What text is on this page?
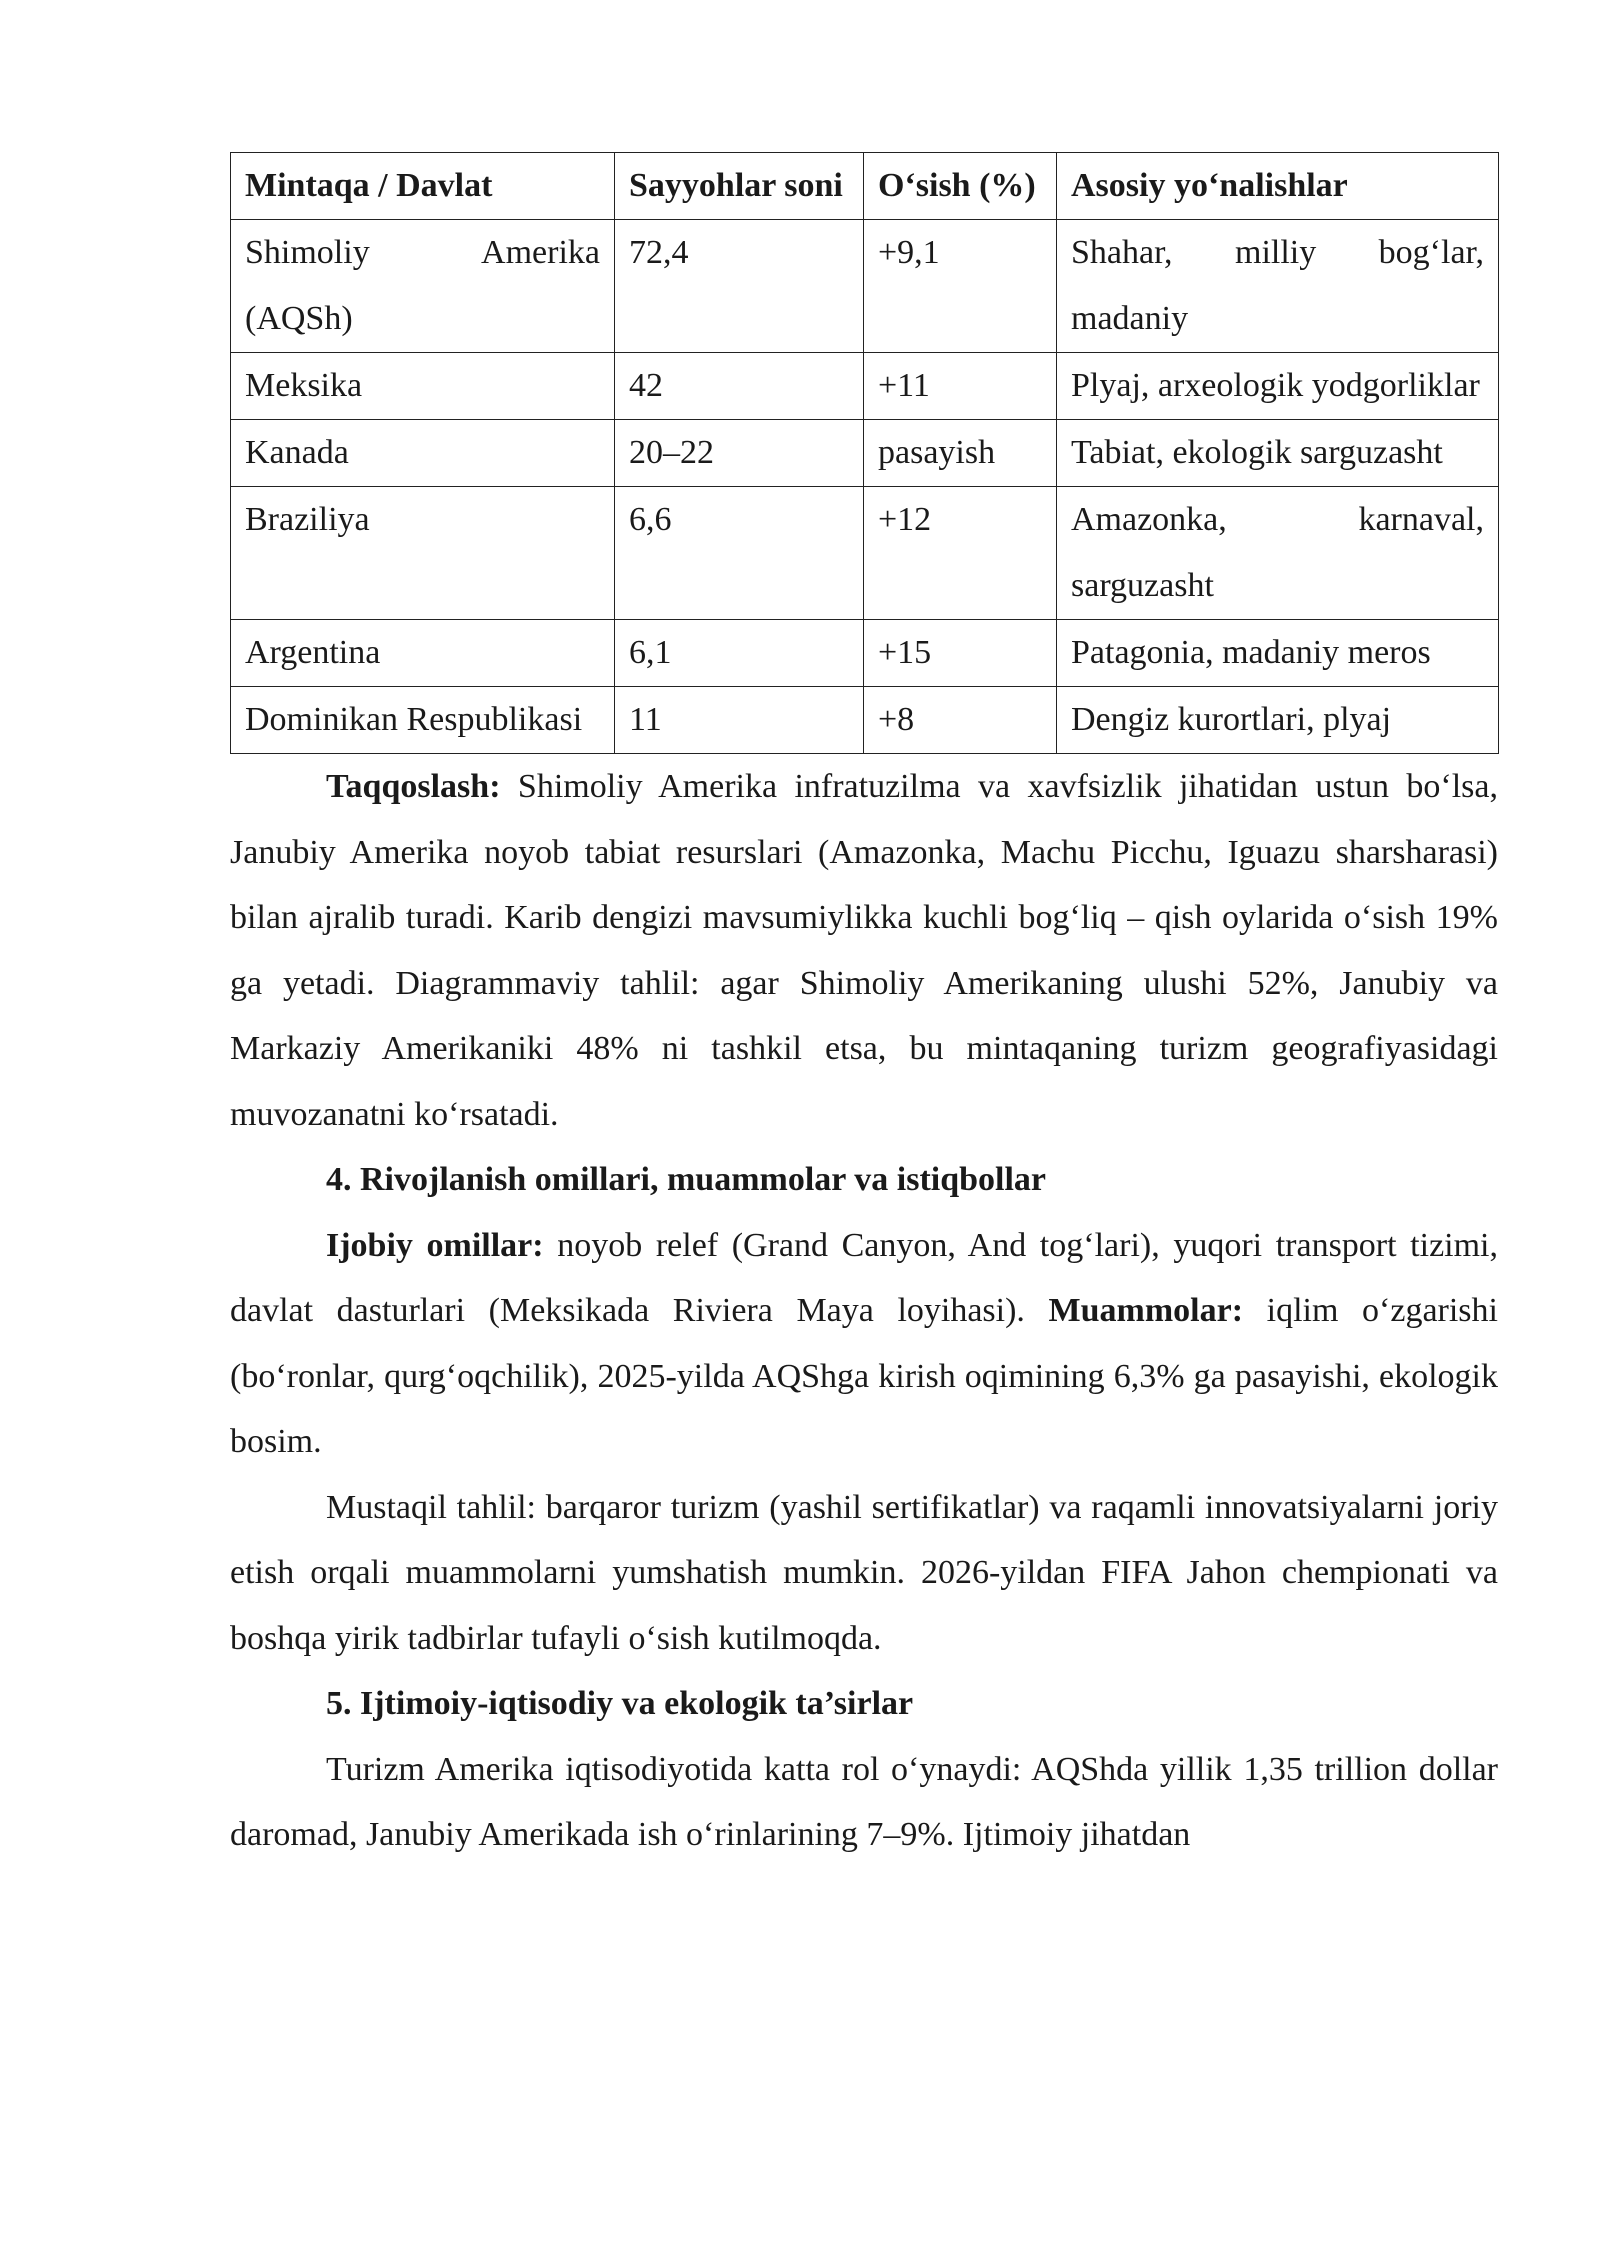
Mintaqa / Davlat	Sayyohlar soni	O‘sish (%)	Asosiy yo‘nalishlar
Shimoliy Amerika (AQSh)	72,4	+9,1	Shahar, milliy bog‘lar, madaniy
Meksika	42	+11	Plyaj, arxeologik yodgorliklar
Kanada	20–22	pasayish	Tabiat, ekologik sarguzasht
Braziliya	6,6	+12	Amazonka, karnaval, sarguzasht
Argentina	6,1	+15	Patagonia, madaniy meros
Dominikan Respublikasi	11	+8	Dengiz kurortlari, plyaj

Taqqoslash: Shimoliy Amerika infratuzilma va xavfsizlik jihatidan ustun bo‘lsa, Janubiy Amerika noyob tabiat resurslari (Amazonka, Machu Picchu, Iguazu sharsharasi) bilan ajralib turadi. Karib dengizi mavsumiylikka kuchli bog‘liq – qish oylarida o‘sish 19% ga yetadi. Diagrammaviy tahlil: agar Shimoliy Amerikaning ulushi 52%, Janubiy va Markaziy Amerikaniki 48% ni tashkil etsa, bu mintaqaning turizm geografiyasidagi muvozanatni ko‘rsatadi.

4. Rivojlanish omillari, muammolar va istiqbollar

Ijobiy omillar: noyob relef (Grand Canyon, And tog‘lari), yuqori transport tizimi, davlat dasturlari (Meksikada Riviera Maya loyihasi). Muammolar: iqlim o‘zgarishi (bo‘ronlar, qurg‘oqchilik), 2025-yilda AQShga kirish oqimining 6,3% ga pasayishi, ekologik bosim.

Mustaqil tahlil: barqaror turizm (yashil sertifikatlar) va raqamli innovatsiyalarni joriy etish orqali muammolarni yumshatish mumkin. 2026-yildan FIFA Jahon chempionati va boshqa yirik tadbirlar tufayli o‘sish kutilmoqda.

5. Ijtimoiy-iqtisodiy va ekologik ta’sirlar

Turizm Amerika iqtisodiyotida katta rol o‘ynaydi: AQShda yillik 1,35 trillion dollar daromad, Janubiy Amerikada ish o‘rinlarining 7–9%. Ijtimoiy jihatdan
